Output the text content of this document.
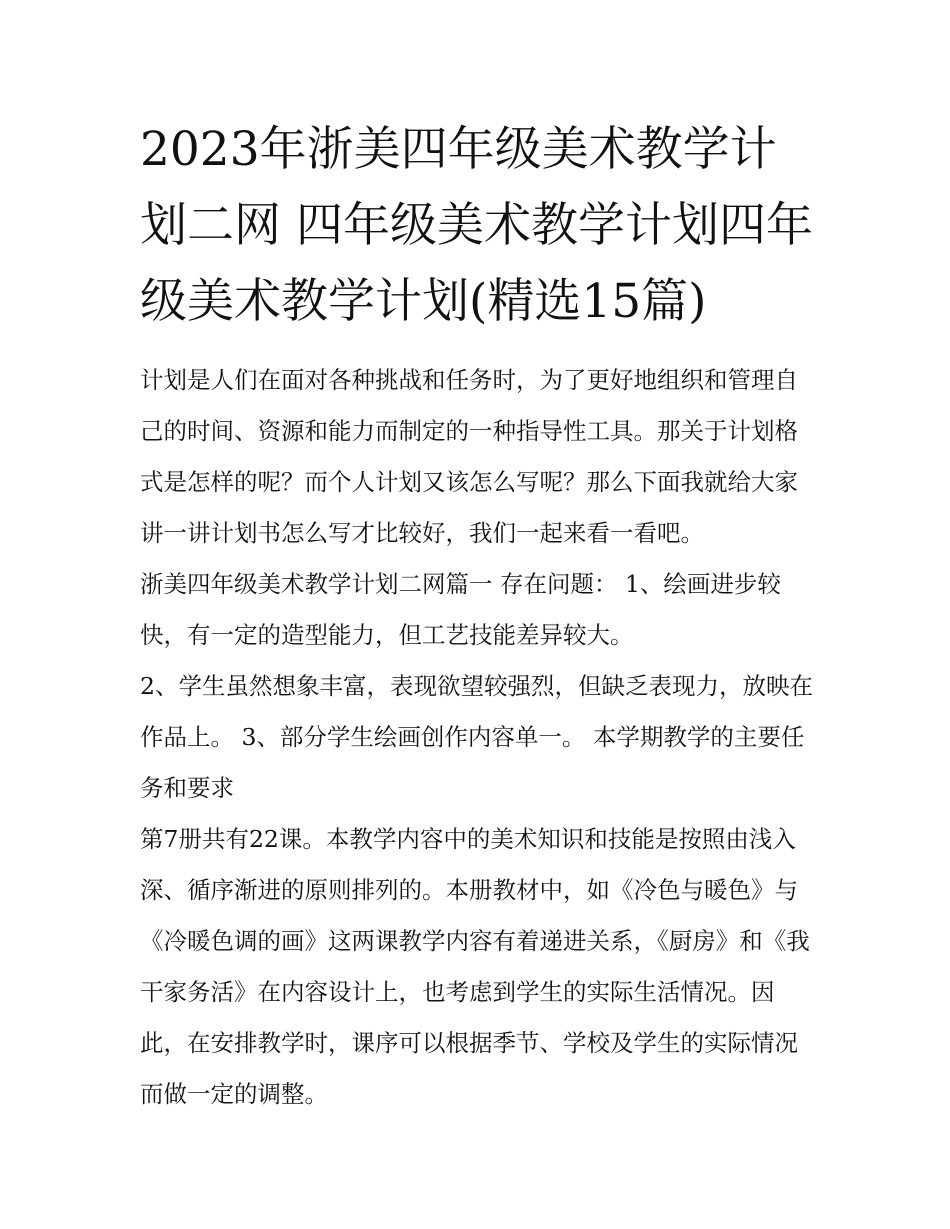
2023年浙美四年级美术教学计划二网 四年级美术教学计划四年级美术教学计划(精选15篇)

计划是人们在面对各种挑战和任务时，为了更好地组织和管理自己的时间、资源和能力而制定的一种指导性工具。那关于计划格式是怎样的呢？而个人计划又该怎么写呢？那么下面我就给大家讲一讲计划书怎么写才比较好，我们一起来看一看吧。

浙美四年级美术教学计划二网篇一 存在问题： 1、绘画进步较快，有一定的造型能力，但工艺技能差异较大。

2、学生虽然想象丰富，表现欲望较强烈，但缺乏表现力，放映在作品上。 3、部分学生绘画创作内容单一。 本学期教学的主要任务和要求

第7册共有22课。本教学内容中的美术知识和技能是按照由浅入深、循序渐进的原则排列的。本册教材中，如《冷色与暖色》与《冷暖色调的画》这两课教学内容有着递进关系，《厨房》和《我干家务活》在内容设计上，也考虑到学生的实际生活情况。因此，在安排教学时，课序可以根据季节、学校及学生的实际情况而做一定的调整。
